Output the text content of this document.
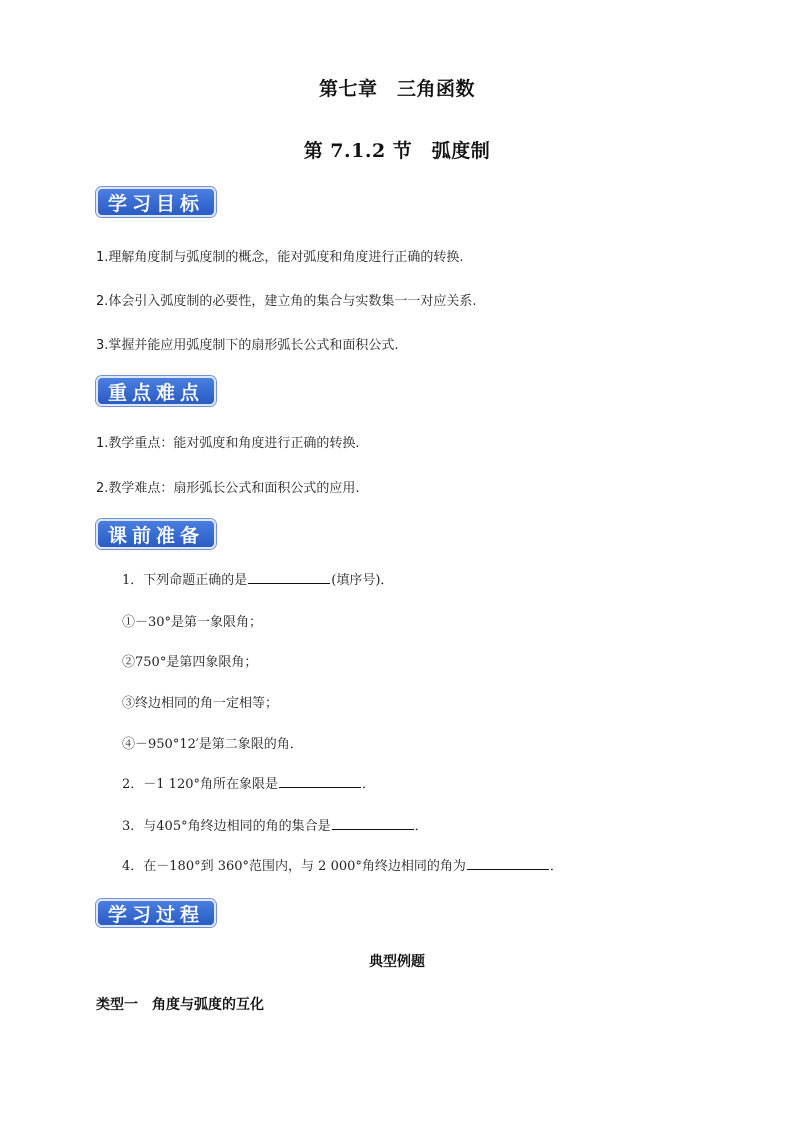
第七章　三角函数
第 7.1.2 节　弧度制
学习目标
1.理解角度制与弧度制的概念，能对弧度和角度进行正确的转换.
2.体会引入弧度制的必要性，建立角的集合与实数集一一对应关系.
3.掌握并能应用弧度制下的扇形弧长公式和面积公式.
重点难点
1.教学重点：能对弧度和角度进行正确的转换.
2.教学难点：扇形弧长公式和面积公式的应用.
课前准备
1．下列命题正确的是	(填序号)．
①－30°是第一象限角；
②750°是第四象限角；
③终边相同的角一定相等；
④－950°12′是第二象限的角．
2．－1 120°角所在象限是	．
3．与405°角终边相同的角的集合是	．
4．在－180°到 360°范围内，与 2 000°角终边相同的角为	．
学习过程
典型例题
类型一　角度与弧度的互化
